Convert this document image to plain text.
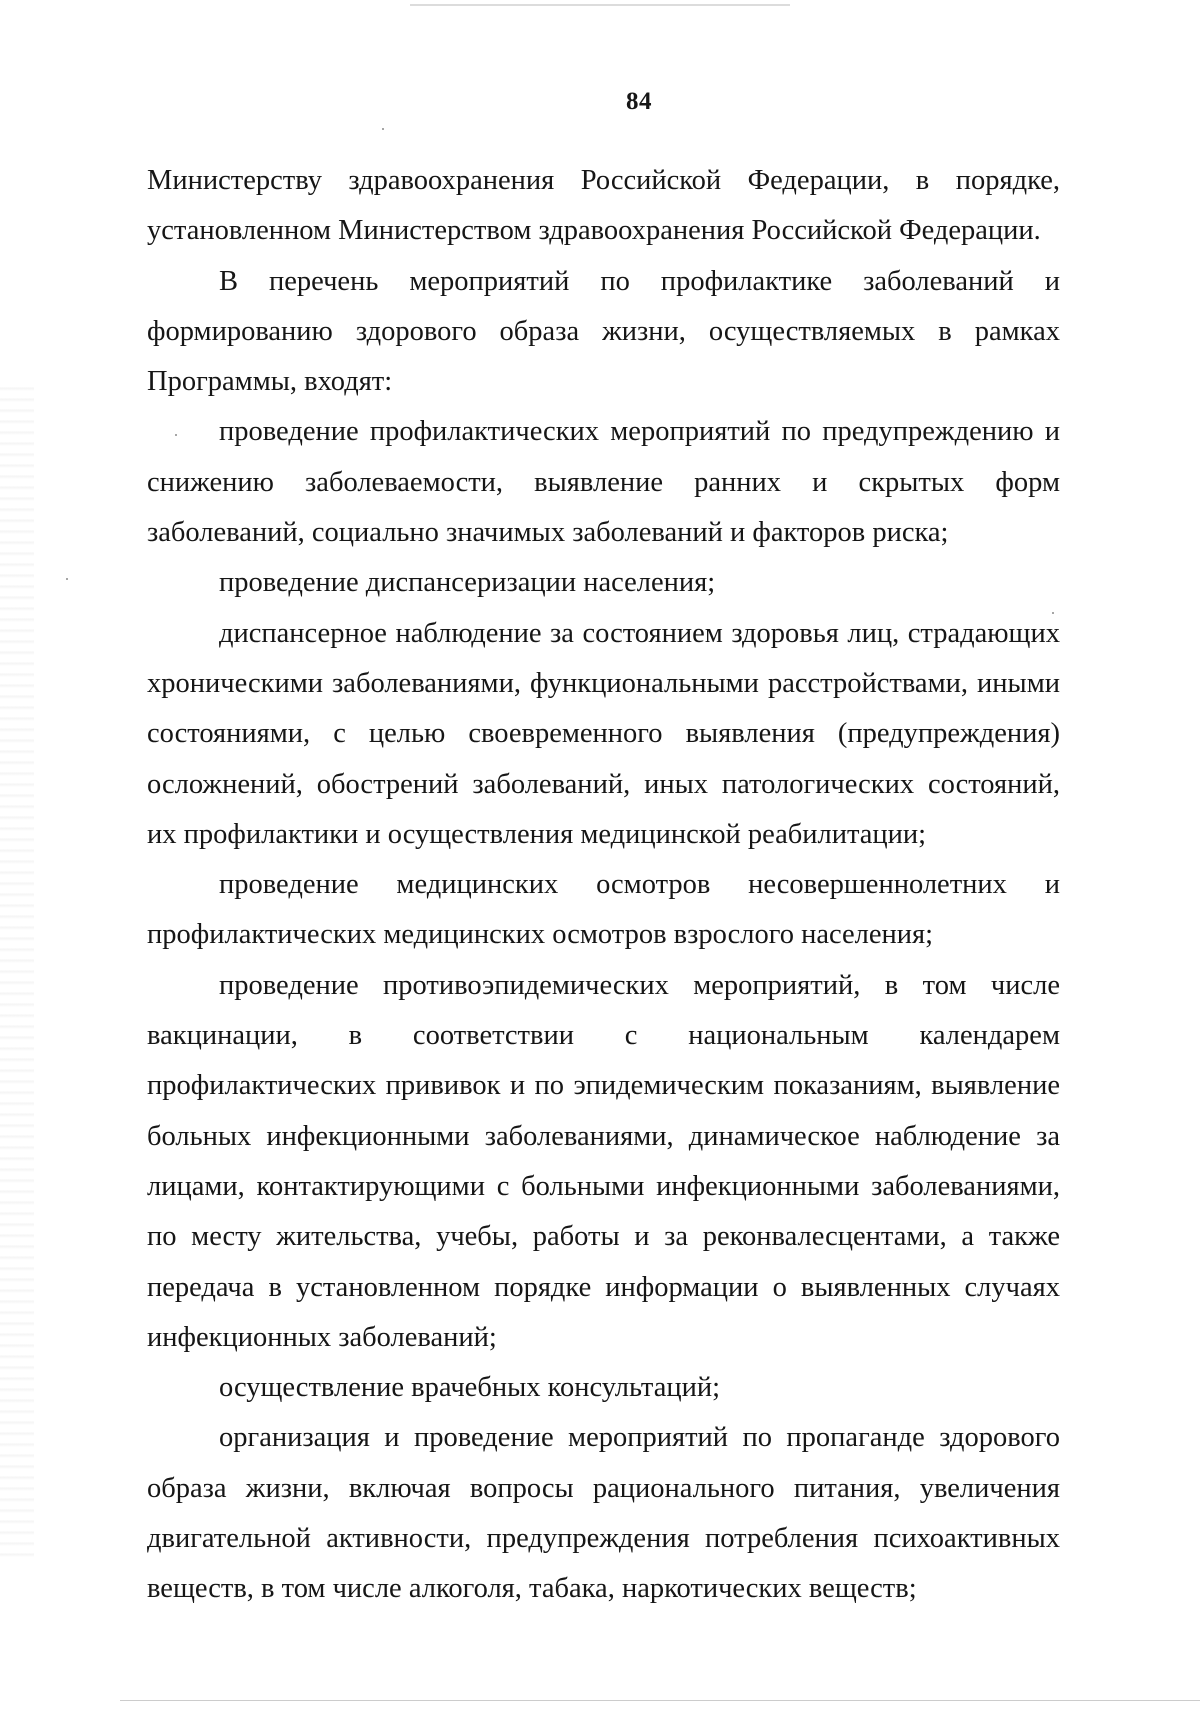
84

Министерству здравоохранения Российской Федерации, в порядке, установленном Министерством здравоохранения Российской Федерации.

В перечень мероприятий по профилактике заболеваний и формированию здорового образа жизни, осуществляемых в рамках Программы, входят:

проведение профилактических мероприятий по предупреждению и снижению заболеваемости, выявление ранних и скрытых форм заболеваний, социально значимых заболеваний и факторов риска;

проведение диспансеризации населения;

диспансерное наблюдение за состоянием здоровья лиц, страдающих хроническими заболеваниями, функциональными расстройствами, иными состояниями, с целью своевременного выявления (предупреждения) осложнений, обострений заболеваний, иных патологических состояний, их профилактики и осуществления медицинской реабилитации;

проведение медицинских осмотров несовершеннолетних и профилактических медицинских осмотров взрослого населения;

проведение противоэпидемических мероприятий, в том числе вакцинации, в соответствии с национальным календарем профилактических прививок и по эпидемическим показаниям, выявление больных инфекционными заболеваниями, динамическое наблюдение за лицами, контактирующими с больными инфекционными заболеваниями, по месту жительства, учебы, работы и за реконвалесцентами, а также передача в установленном порядке информации о выявленных случаях инфекционных заболеваний;

осуществление врачебных консультаций;

организация и проведение мероприятий по пропаганде здорового образа жизни, включая вопросы рационального питания, увеличения двигательной активности, предупреждения потребления психоактивных веществ, в том числе алкоголя, табака, наркотических веществ;
